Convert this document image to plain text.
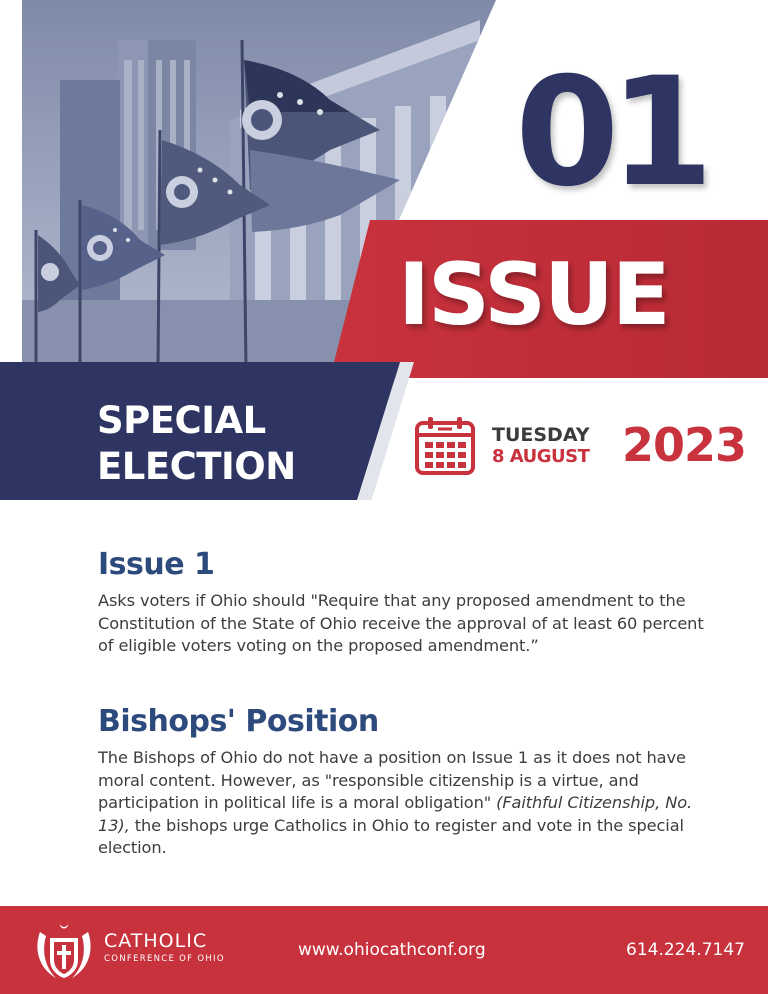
01
ISSUE
SPECIAL
ELECTION
TUESDAY
8 AUGUST 2023
Issue 1

Asks voters if Ohio should "Require that any proposed amendment to the Constitution of the State of Ohio receive the approval of at least 60 percent of eligible voters voting on the proposed amendment.”

Bishops' Position

The Bishops of Ohio do not have a position on Issue 1 as it does not have moral content. However, as "responsible citizenship is a virtue, and participation in political life is a moral obligation" (Faithful Citizenship, No. 13), the bishops urge Catholics in Ohio to register and vote in the special election.

CATHOLIC
CONFERENCE OF OHIO	www.ohiocathconf.org	614.224.7147
